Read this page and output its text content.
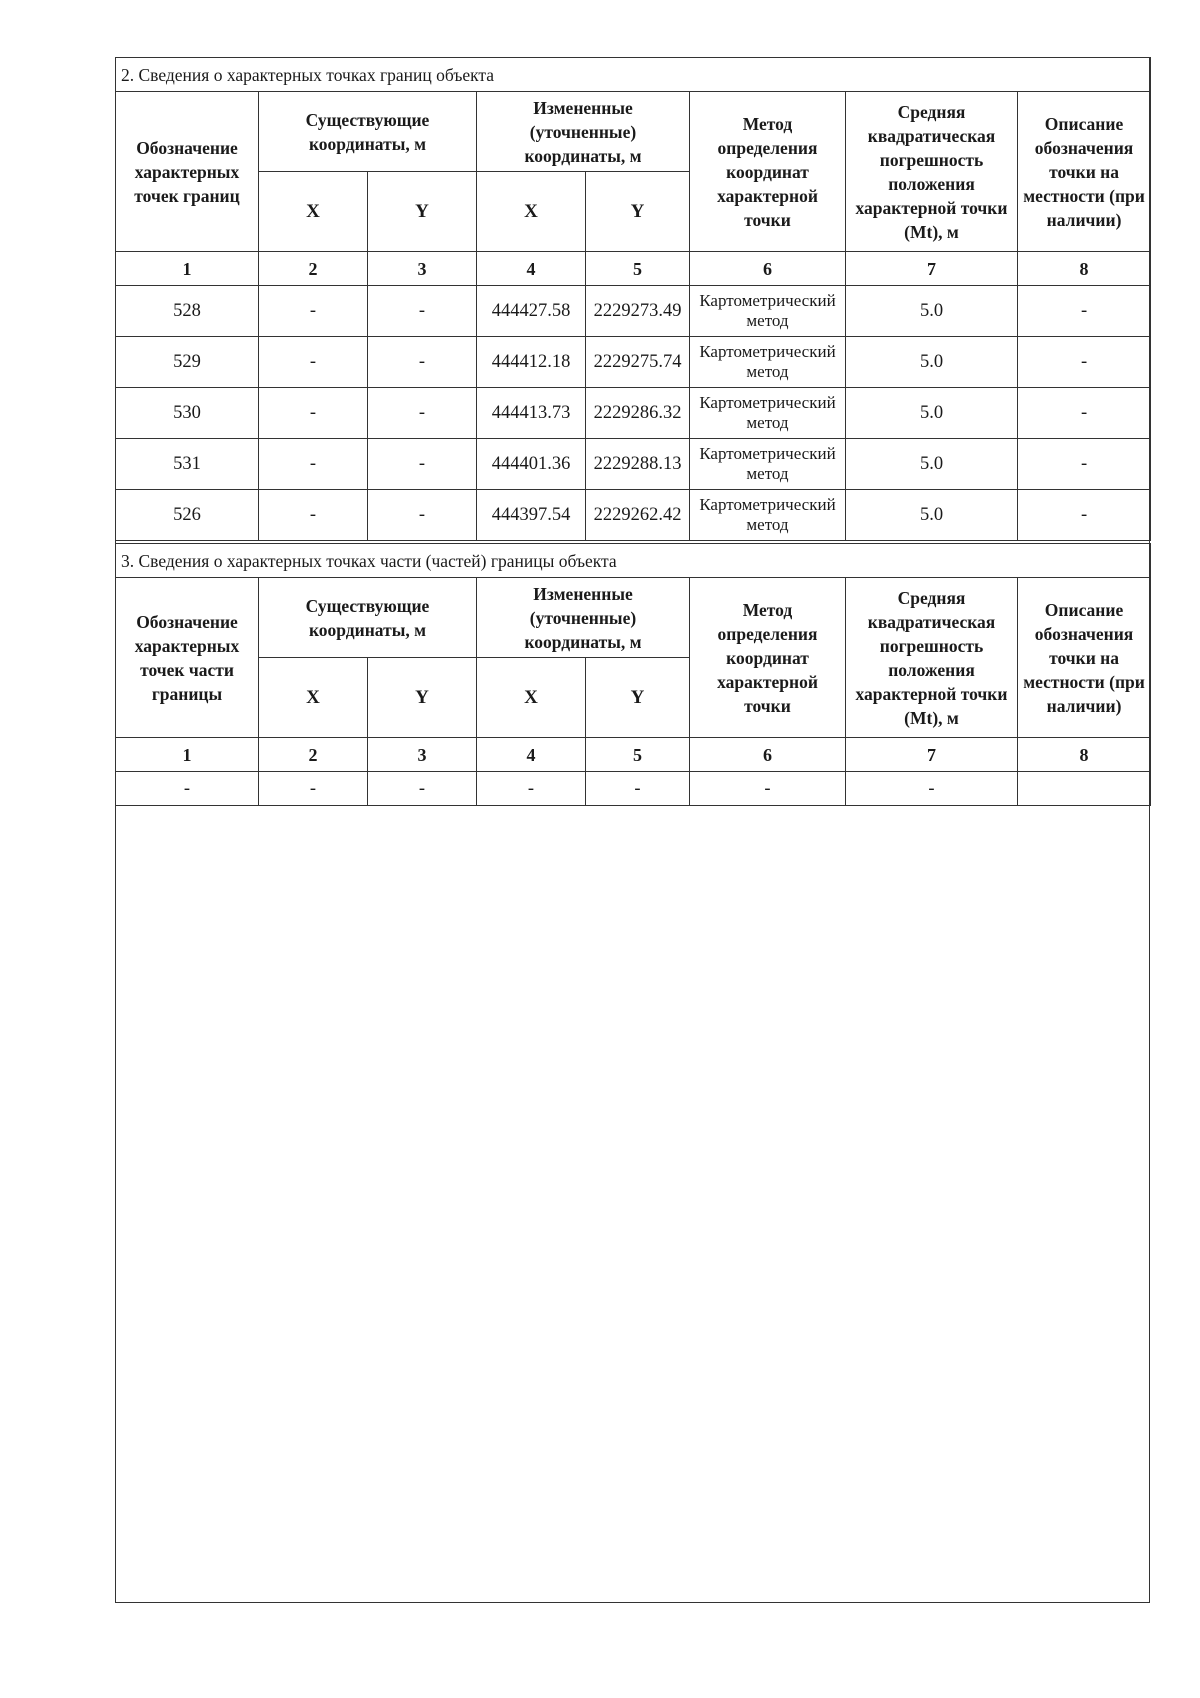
2. Сведения о характерных точках границ объекта							
Обозначение характерных точек границ	Существующие координаты, м		Измененные (уточненные) координаты, м		Метод определения координат характерной точки	Средняя квадратическая погрешность положения характерной точки (Mt), м	Описание обозначения точки на местности (при наличии)
	X	Y	X	Y			
1	2	3	4	5	6	7	8
528	-	-	444427.58	2229273.49	Картометрический метод	5.0	-
529	-	-	444412.18	2229275.74	Картометрический метод	5.0	-
530	-	-	444413.73	2229286.32	Картометрический метод	5.0	-
531	-	-	444401.36	2229288.13	Картометрический метод	5.0	-
526	-	-	444397.54	2229262.42	Картометрический метод	5.0	-
3. Сведения о характерных точках части (частей) границы объекта							
Обозначение характерных точек части границы	Существующие координаты, м		Измененные (уточненные) координаты, м		Метод определения координат характерной точки	Средняя квадратическая погрешность положения характерной точки (Mt), м	Описание обозначения точки на местности (при наличии)
	X	Y	X	Y			
1	2	3	4	5	6	7	8
-	-	-	-	-	-	-	
